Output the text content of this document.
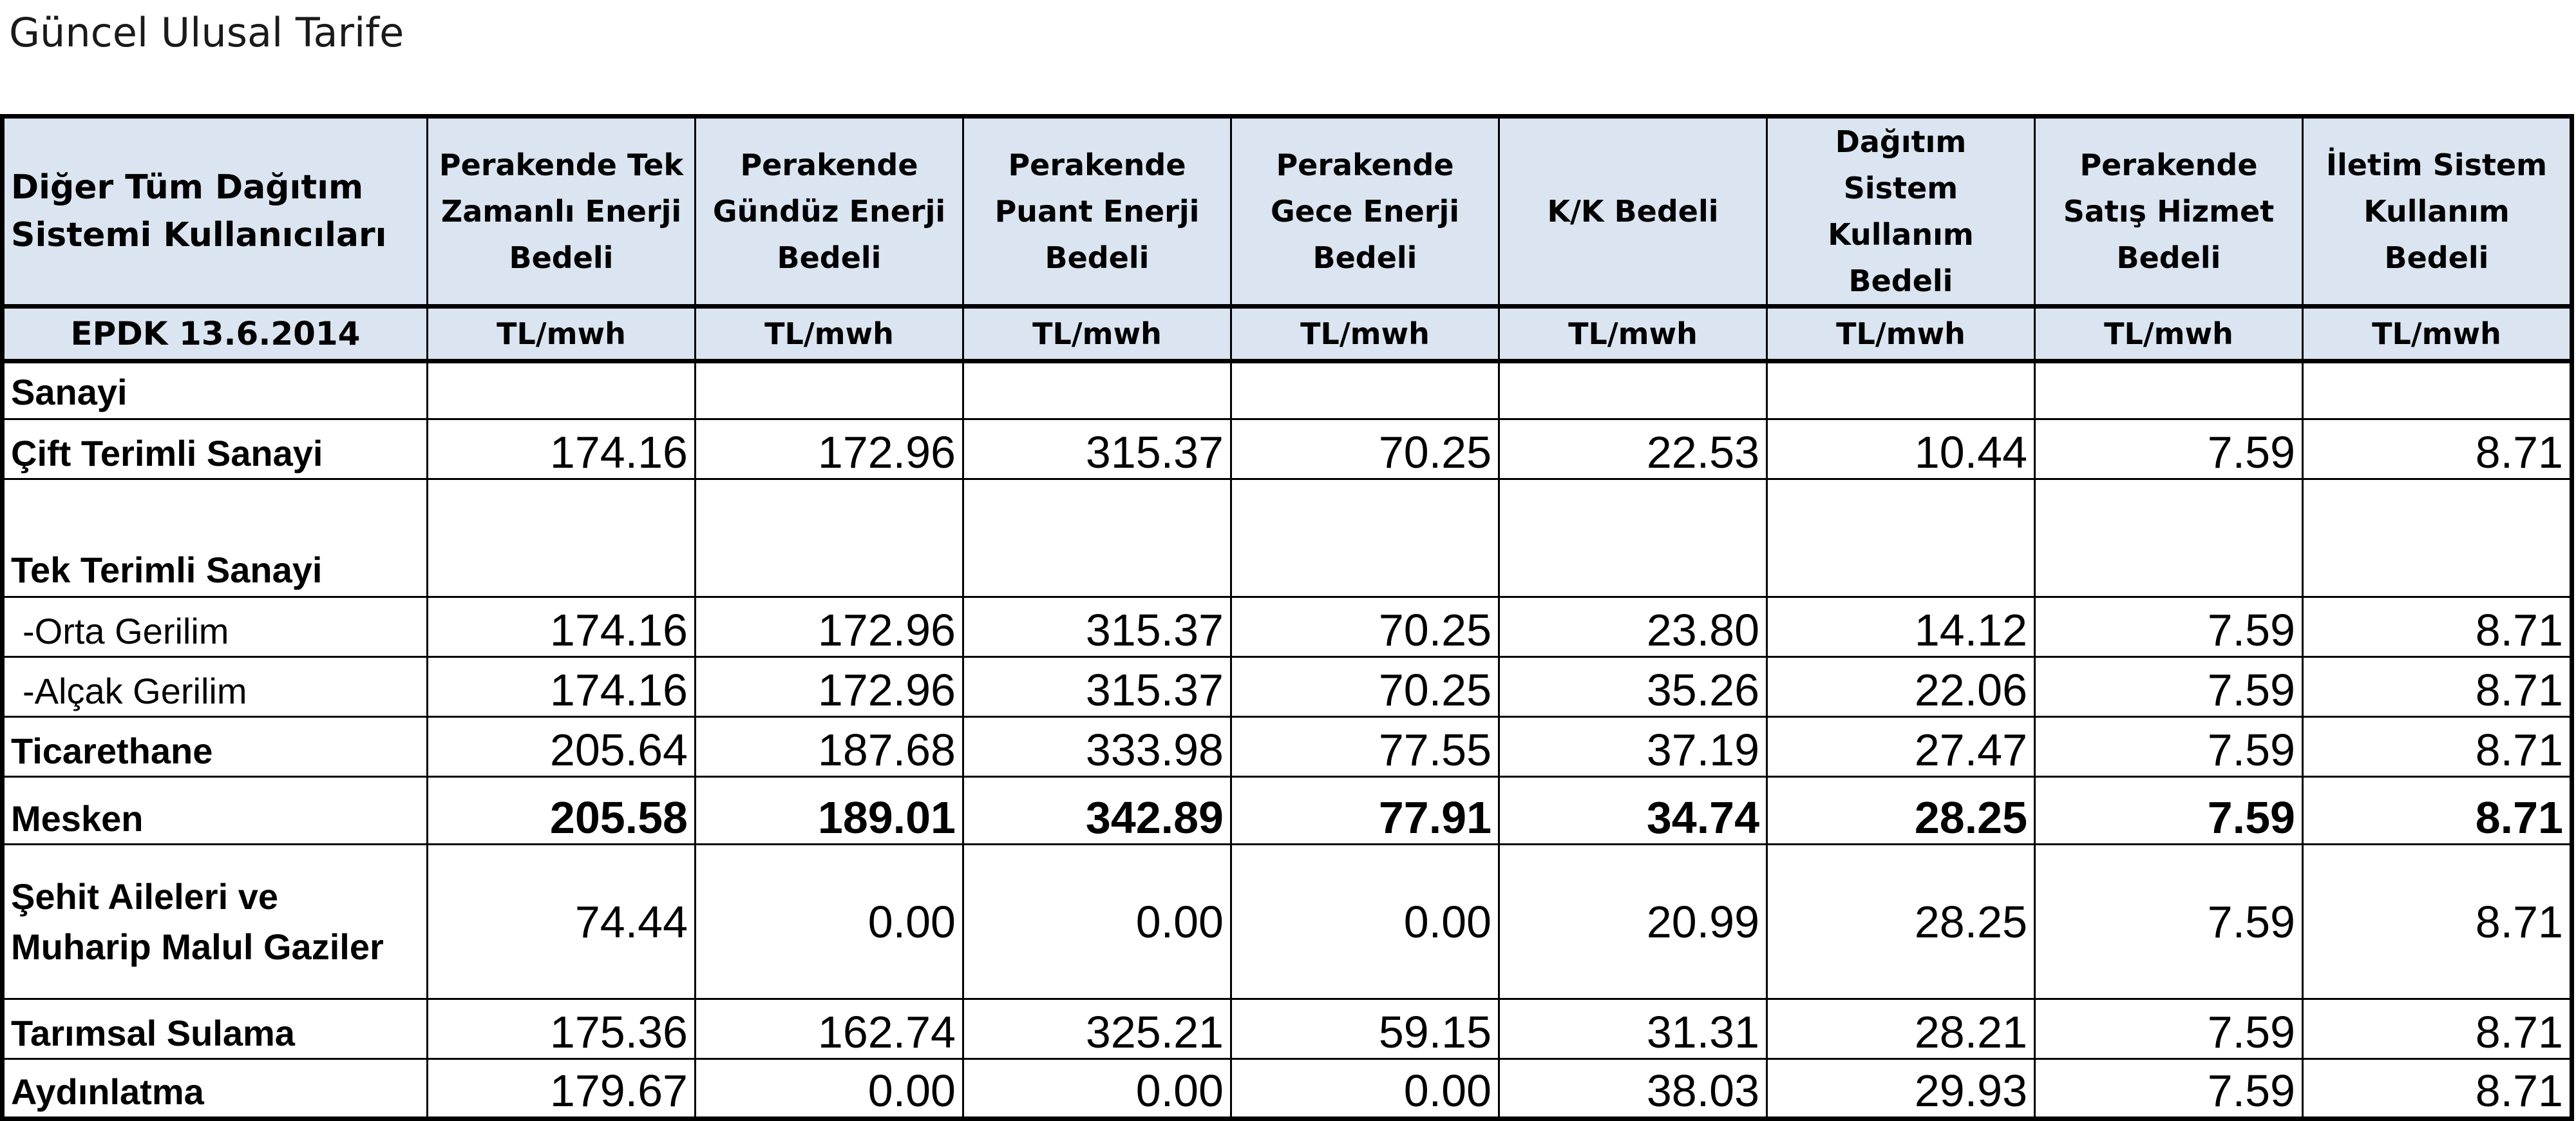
Güncel Ulusal Tarife
Diğer Tüm Dağıtım Sistemi Kullanıcıları	Perakende Tek Zamanlı Enerji Bedeli	Perakende Gündüz Enerji Bedeli	Perakende Puant Enerji Bedeli	Perakende Gece Enerji Bedeli	K/K Bedeli	Dağıtım Sistem Kullanım Bedeli	Perakende Satış Hizmet Bedeli	İletim Sistem Kullanım Bedeli
EPDK 13.6.2014	TL/mwh	TL/mwh	TL/mwh	TL/mwh	TL/mwh	TL/mwh	TL/mwh	TL/mwh
Sanayi								
Çift Terimli Sanayi	174.16	172.96	315.37	70.25	22.53	10.44	7.59	8.71
Tek Terimli Sanayi								
-Orta Gerilim	174.16	172.96	315.37	70.25	23.80	14.12	7.59	8.71
-Alçak Gerilim	174.16	172.96	315.37	70.25	35.26	22.06	7.59	8.71
Ticarethane	205.64	187.68	333.98	77.55	37.19	27.47	7.59	8.71
Mesken	205.58	189.01	342.89	77.91	34.74	28.25	7.59	8.71
Şehit Aileleri ve Muharip Malul Gaziler	74.44	0.00	0.00	0.00	20.99	28.25	7.59	8.71
Tarımsal Sulama	175.36	162.74	325.21	59.15	31.31	28.21	7.59	8.71
Aydınlatma	179.67	0.00	0.00	0.00	38.03	29.93	7.59	8.71
